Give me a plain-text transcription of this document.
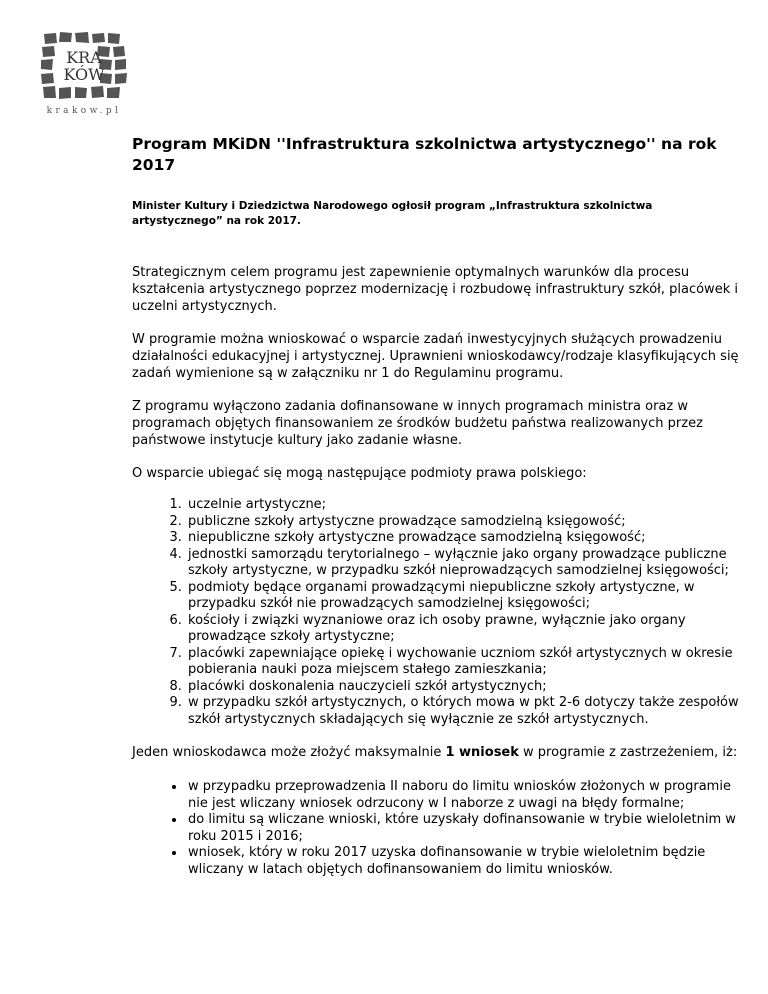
KRA
KÓW
krakow.pl
Program MKiDN ''Infrastruktura szkolnictwa artystycznego'' na rok 2017

Minister Kultury i Dziedzictwa Narodowego ogłosił program „Infrastruktura szkolnictwa artystycznego” na rok 2017.

Strategicznym celem programu jest zapewnienie optymalnych warunków dla procesu kształcenia artystycznego poprzez modernizację i rozbudowę infrastruktury szkół, placówek i uczelni artystycznych.

W programie można wnioskować o wsparcie zadań inwestycyjnych służących prowadzeniu działalności edukacyjnej i artystycznej. Uprawnieni wnioskodawcy/rodzaje klasyfikujących się zadań wymienione są w załączniku nr 1 do Regulaminu programu.

Z programu wyłączono zadania dofinansowane w innych programach ministra oraz w programach objętych finansowaniem ze środków budżetu państwa realizowanych przez państwowe instytucje kultury jako zadanie własne.

O wsparcie ubiegać się mogą następujące podmioty prawa polskiego:

1. uczelnie artystyczne;
2. publiczne szkoły artystyczne prowadzące samodzielną księgowość;
3. niepubliczne szkoły artystyczne prowadzące samodzielną księgowość;
4. jednostki samorządu terytorialnego – wyłącznie jako organy prowadzące publiczne szkoły artystyczne, w przypadku szkół nieprowadzących samodzielnej księgowości;
5. podmioty będące organami prowadzącymi niepubliczne szkoły artystyczne, w przypadku szkół nie prowadzących samodzielnej księgowości;
6. kościoły i związki wyznaniowe oraz ich osoby prawne, wyłącznie jako organy prowadzące szkoły artystyczne;
7. placówki zapewniające opiekę i wychowanie uczniom szkół artystycznych w okresie pobierania nauki poza miejscem stałego zamieszkania;
8. placówki doskonalenia nauczycieli szkół artystycznych;
9. w przypadku szkół artystycznych, o których mowa w pkt 2-6 dotyczy także zespołów szkół artystycznych składających się wyłącznie ze szkół artystycznych.

Jeden wnioskodawca może złożyć maksymalnie 1 wniosek w programie z zastrzeżeniem, iż:

• w przypadku przeprowadzenia II naboru do limitu wniosków złożonych w programie nie jest wliczany wniosek odrzucony w I naborze z uwagi na błędy formalne;
• do limitu są wliczane wnioski, które uzyskały dofinansowanie w trybie wieloletnim w roku 2015 i 2016;
• wniosek, który w roku 2017 uzyska dofinansowanie w trybie wieloletnim będzie wliczany w latach objętych dofinansowaniem do limitu wniosków.
